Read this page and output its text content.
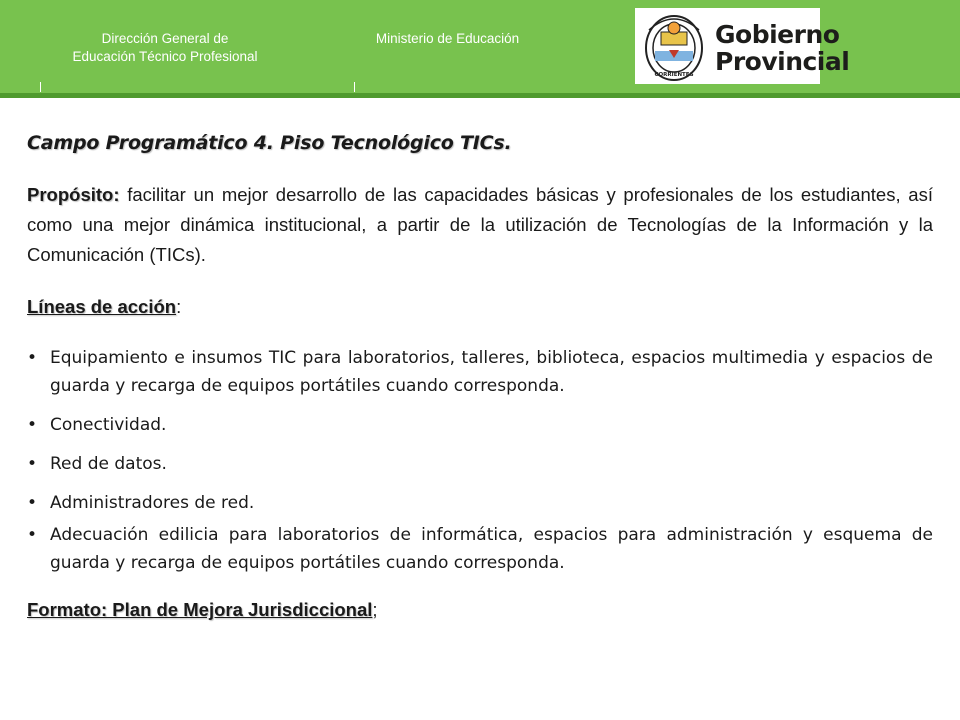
Dirección General de
Educación Técnico Profesional
Ministerio de Educación
CORRIENTES
Gobierno
Provincial

Campo Programático 4. Piso Tecnológico TICs.

Propósito: facilitar un mejor desarrollo de las capacidades básicas y profesionales de los estudiantes, así como una mejor dinámica institucional, a partir de la utilización de Tecnologías de la Información y la Comunicación (TICs).

Líneas de acción:

• Equipamiento e insumos TIC para laboratorios, talleres, biblioteca, espacios multimedia y espacios de guarda y recarga de equipos portátiles cuando corresponda.
• Conectividad.
• Red de datos.
• Administradores de red.
• Adecuación edilicia para laboratorios de informática, espacios para administración y esquema de guarda y recarga de equipos portátiles cuando corresponda.

Formato: Plan de Mejora Jurisdiccional;
